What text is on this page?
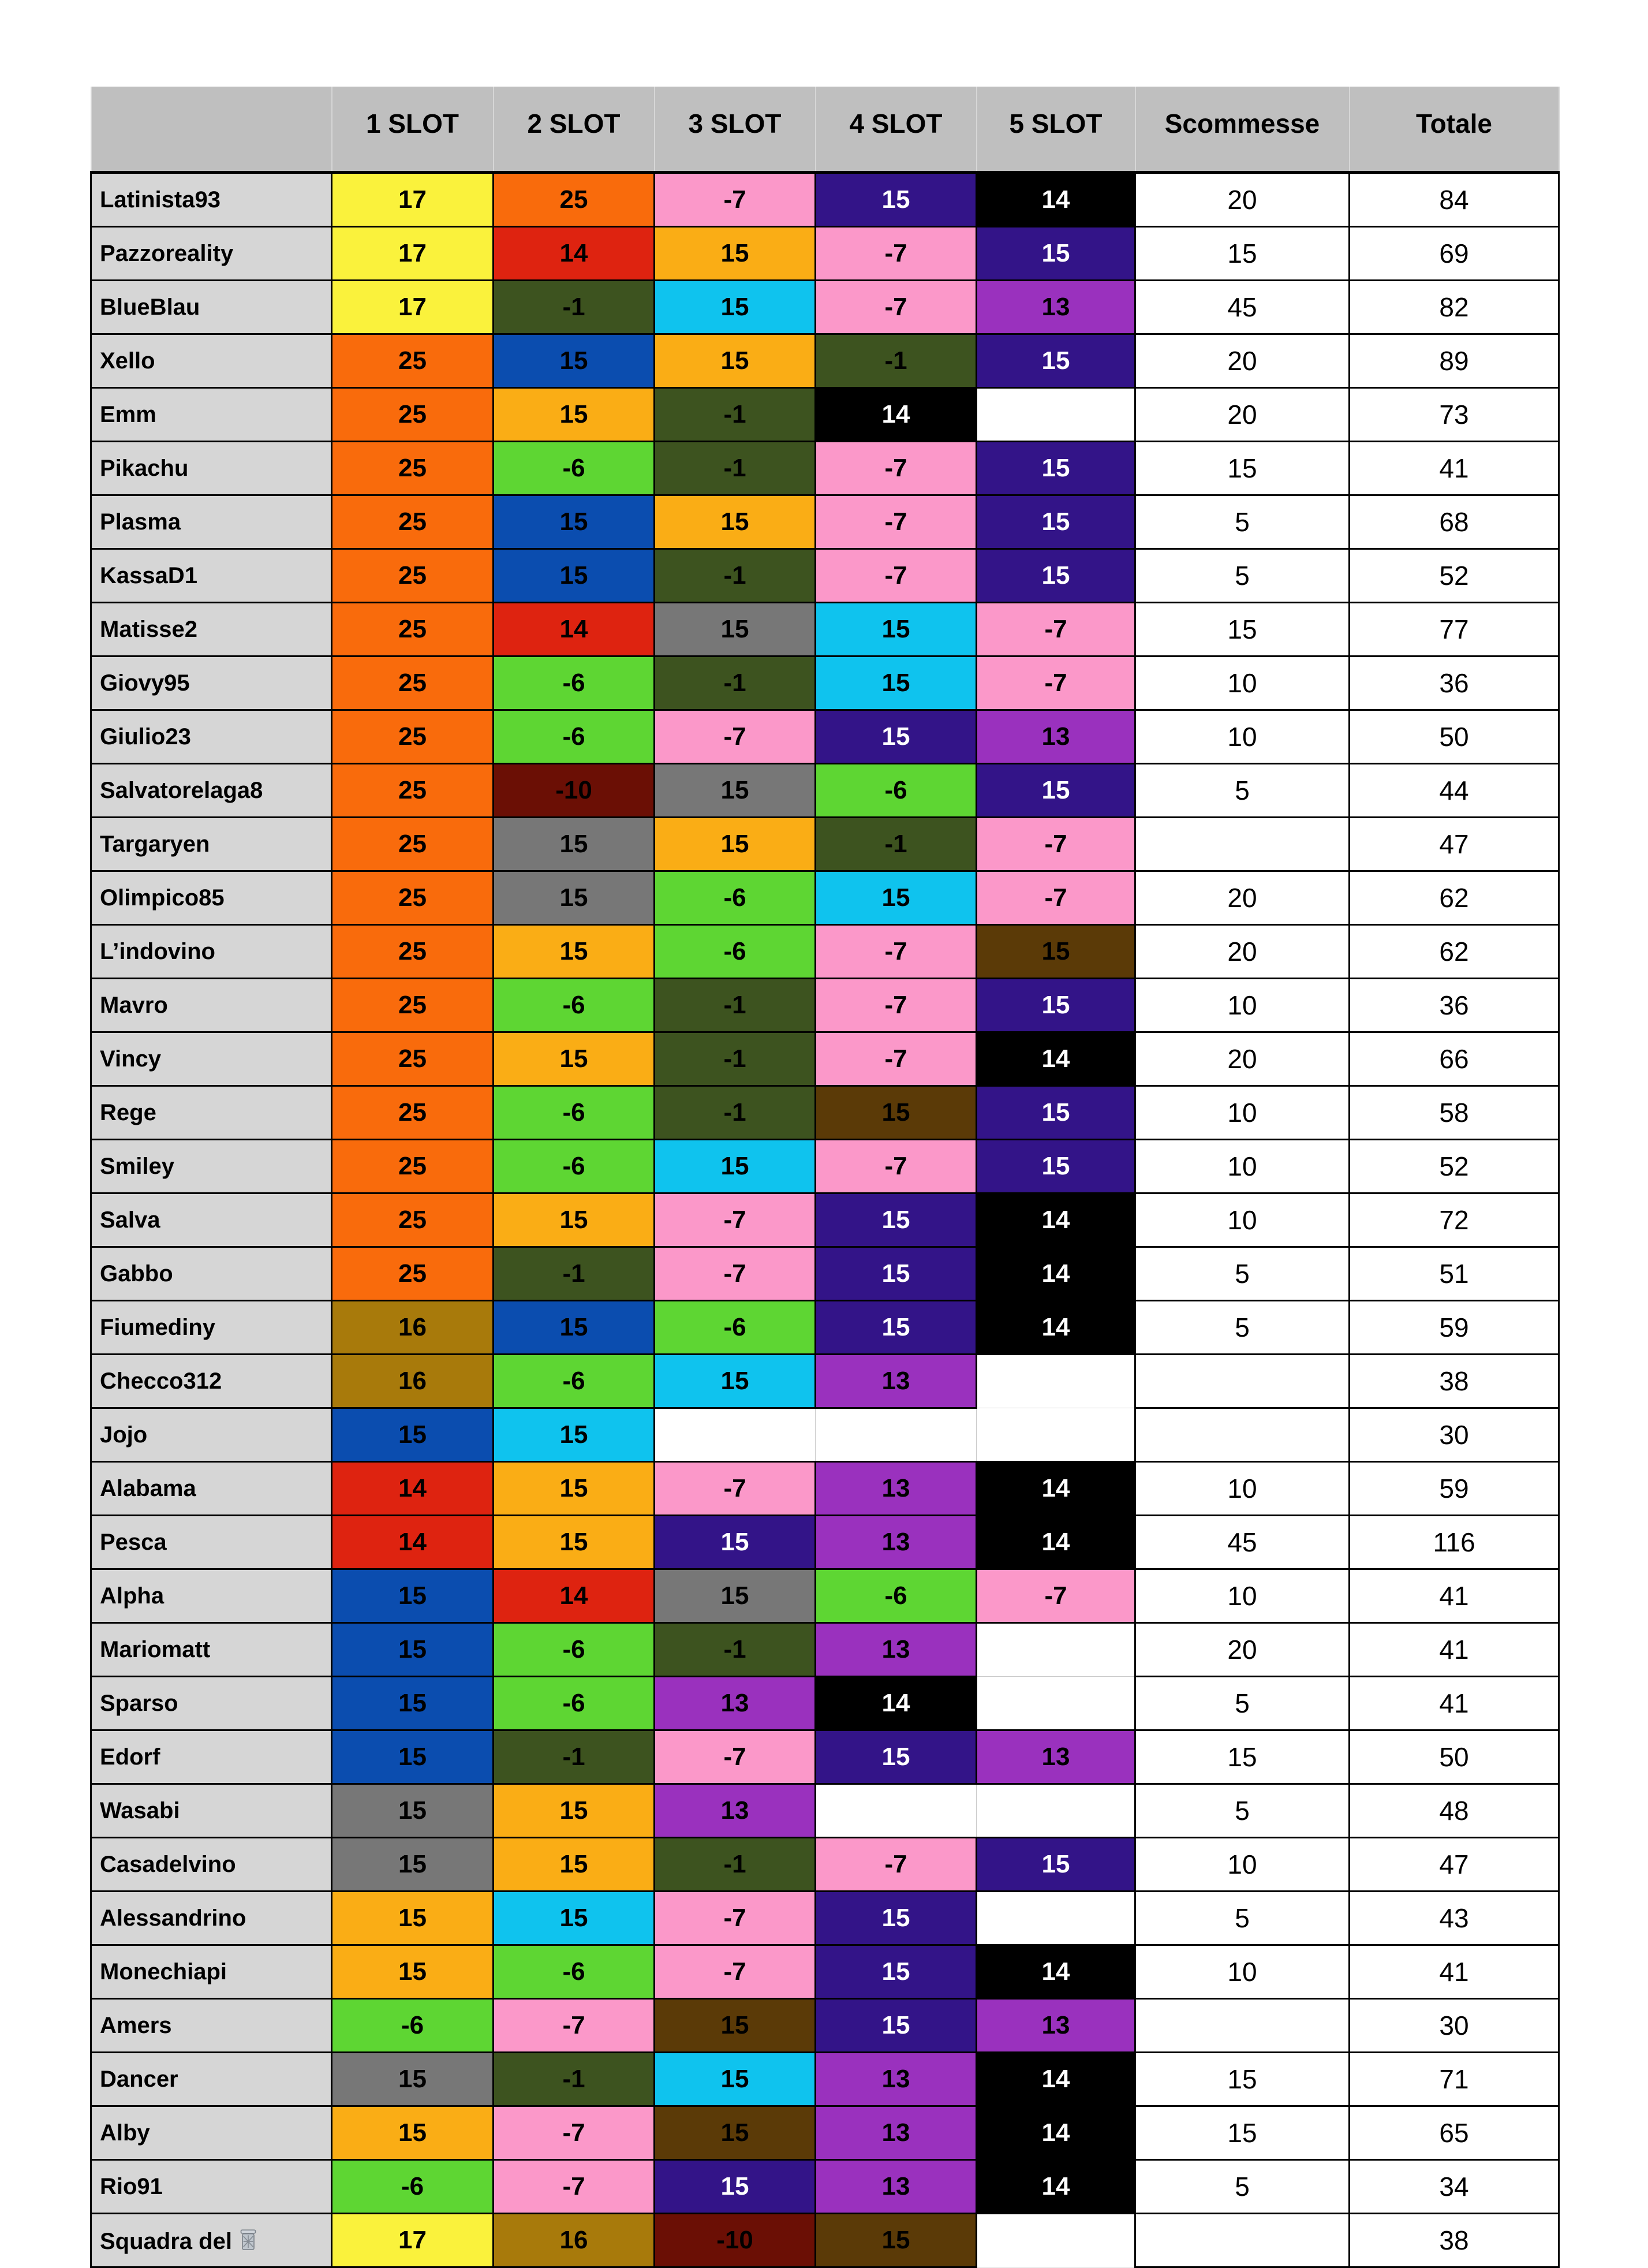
	1 SLOT	2 SLOT	3 SLOT	4 SLOT	5 SLOT	Scommesse	Totale
Latinista93	17	25	-7	15	14	20	84
Pazzoreality	17	14	15	-7	15	15	69
BlueBlau	17	-1	15	-7	13	45	82
Xello	25	15	15	-1	15	20	89
Emm	25	15	-1	14		20	73
Pikachu	25	-6	-1	-7	15	15	41
Plasma	25	15	15	-7	15	5	68
KassaD1	25	15	-1	-7	15	5	52
Matisse2	25	14	15	15	-7	15	77
Giovy95	25	-6	-1	15	-7	10	36
Giulio23	25	-6	-7	15	13	10	50
Salvatorelaga8	25	-10	15	-6	15	5	44
Targaryen	25	15	15	-1	-7		47
Olimpico85	25	15	-6	15	-7	20	62
L’indovino	25	15	-6	-7	15	20	62
Mavro	25	-6	-1	-7	15	10	36
Vincy	25	15	-1	-7	14	20	66
Rege	25	-6	-1	15	15	10	58
Smiley	25	-6	15	-7	15	10	52
Salva	25	15	-7	15	14	10	72
Gabbo	25	-1	-7	15	14	5	51
Fiumediny	16	15	-6	15	14	5	59
Checco312	16	-6	15	13			38
Jojo	15	15					30
Alabama	14	15	-7	13	14	10	59
Pesca	14	15	15	13	14	45	116
Alpha	15	14	15	-6	-7	10	41
Mariomatt	15	-6	-1	13		20	41
Sparso	15	-6	13	14		5	41
Edorf	15	-1	-7	15	13	15	50
Wasabi	15	15	13			5	48
Casadelvino	15	15	-1	-7	15	10	47
Alessandrino	15	15	-7	15		5	43
Monechiapi	15	-6	-7	15	14	10	41
Amers	-6	-7	15	15	13		30
Dancer	15	-1	15	13	14	15	71
Alby	15	-7	15	13	14	15	65
Rio91	-6	-7	15	13	14	5	34
Squadra del	17	16	-10	15			38
